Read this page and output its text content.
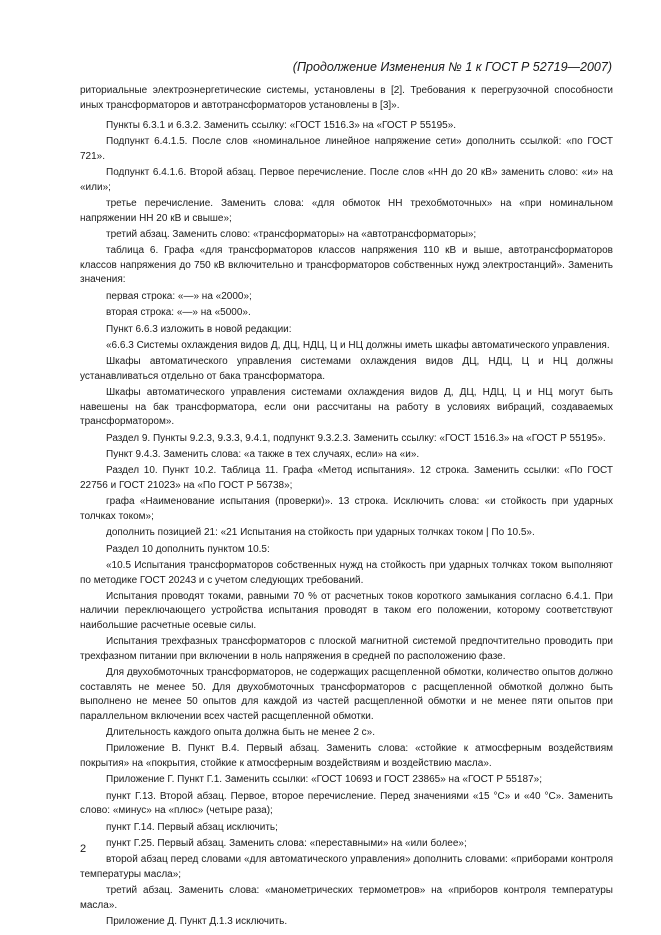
(Продолжение Изменения № 1 к ГОСТ Р 52719—2007)

риториальные электроэнергетические системы, установлены в [2]. Требования к перегрузочной способности иных трансформаторов и автотрансформаторов установлены в [3]».

Пункты 6.3.1 и 6.3.2. Заменить ссылку: «ГОСТ 1516.3» на «ГОСТ Р 55195».

Подпункт 6.4.1.5. После слов «номинальное линейное напряжение сети» дополнить ссылкой: «по ГОСТ 721».

Подпункт 6.4.1.6. Второй абзац. Первое перечисление. После слов «НН до 20 кВ» заменить слово: «и» на «или»;

третье перечисление. Заменить слова: «для обмоток НН трехобмоточных» на «при номинальном напряжении НН 20 кВ и свыше»;

третий абзац. Заменить слово: «трансформаторы» на «автотрансформаторы»;

таблица 6. Графа «для трансформаторов классов напряжения 110 кВ и выше, автотрансформаторов классов напряжения до 750 кВ включительно и трансформаторов собственных нужд электростанций». Заменить значения:

первая строка: «—» на «2000»;

вторая строка: «—» на «5000».

Пункт 6.6.3 изложить в новой редакции:

«6.6.3 Системы охлаждения видов Д, ДЦ, НДЦ, Ц и НЦ должны иметь шкафы автоматического управления.

Шкафы автоматического управления системами охлаждения видов ДЦ, НДЦ, Ц и НЦ должны устанавливаться отдельно от бака трансформатора.

Шкафы автоматического управления системами охлаждения видов Д, ДЦ, НДЦ, Ц и НЦ могут быть навешены на бак трансформатора, если они рассчитаны на работу в условиях вибраций, создаваемых трансформатором».

Раздел 9. Пункты 9.2.3, 9.3.3, 9.4.1, подпункт 9.3.2.3. Заменить ссылку: «ГОСТ 1516.3» на «ГОСТ Р 55195».

Пункт 9.4.3. Заменить слова: «а также в тех случаях, если» на «и».

Раздел 10. Пункт 10.2. Таблица 11. Графа «Метод испытания». 12 строка. Заменить ссылки: «По ГОСТ 22756 и ГОСТ 21023» на «По ГОСТ Р 56738»;

графа «Наименование испытания (проверки)». 13 строка. Исключить слова: «и стойкость при ударных толчках током»;

дополнить позицией 21: «21 Испытания на стойкость при ударных толчках током | По 10.5».

Раздел 10 дополнить пунктом 10.5:

«10.5 Испытания трансформаторов собственных нужд на стойкость при ударных толчках током выполняют по методике ГОСТ 20243 и с учетом следующих требований.

Испытания проводят токами, равными 70 % от расчетных токов короткого замыкания согласно 6.4.1. При наличии переключающего устройства испытания проводят в таком его положении, которому соответствуют наибольшие расчетные осевые силы.

Испытания трехфазных трансформаторов с плоской магнитной системой предпочтительно проводить при трехфазном питании при включении в ноль напряжения в средней по расположению фазе.

Для двухобмоточных трансформаторов, не содержащих расщепленной обмотки, количество опытов должно составлять не менее 50. Для двухобмоточных трансформаторов с расщепленной обмоткой должно быть выполнено не менее 50 опытов для каждой из частей расщепленной обмотки и не менее пяти опытов при параллельном включении всех частей расщепленной обмотки.

Длительность каждого опыта должна быть не менее 2 с».

Приложение В. Пункт В.4. Первый абзац. Заменить слова: «стойкие к атмосферным воздействиям покрытия» на «покрытия, стойкие к атмосферным воздействиям и воздействию масла».

Приложение Г. Пункт Г.1. Заменить ссылки: «ГОСТ 10693 и ГОСТ 23865» на «ГОСТ Р 55187»;

пункт Г.13. Второй абзац. Первое, второе перечисление. Перед значениями «15 °С» и «40 °С». Заменить слово: «минус» на «плюс» (четыре раза);

пункт Г.14. Первый абзац исключить;

пункт Г.25. Первый абзац. Заменить слова: «переставными» на «или более»;

второй абзац перед словами «для автоматического управления» дополнить словами: «приборами контроля температуры масла»;

третий абзац. Заменить слова: «манометрических термометров» на «приборов контроля температуры масла».

Приложение Д. Пункт Д.1.3 исключить.

2
